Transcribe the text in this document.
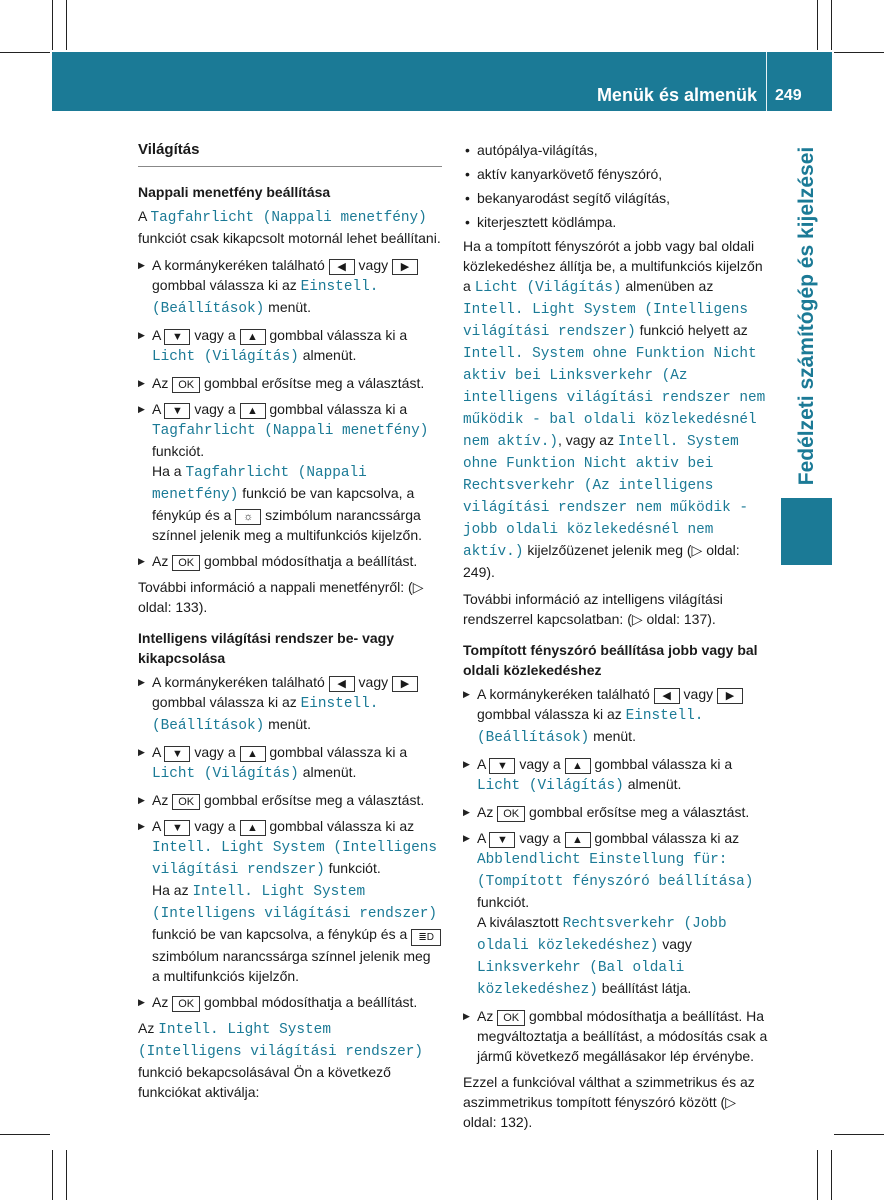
Menük és almenük 249
Fedélzeti számítógép és kijelzései
Világítás
Nappali menetfény beállítása

A Tagfahrlicht (Nappali menetfény) funkciót csak kikapcsolt motornál lehet beállítani.

▶ A kormánykeréken található ◀ vagy ▶ gombbal válassza ki az Einstell. (Beállítások) menüt.
▶ A ▼ vagy a ▲ gombbal válassza ki a Licht (Világítás) almenüt.
▶ Az OK gombbal erősítse meg a választást.
▶ A ▼ vagy a ▲ gombbal válassza ki a Tagfahrlicht (Nappali menetfény) funkciót.
Ha a Tagfahrlicht (Nappali menetfény) funkció be van kapcsolva, a fénykúp és a ☼ szimbólum narancssárga színnel jelenik meg a multifunkciós kijelzőn.
▶ Az OK gombbal módosíthatja a beállítást.

További információ a nappali menetfényről: (▷ oldal: 133).

Intelligens világítási rendszer be- vagy kikapcsolása
▶ A kormánykeréken található ◀ vagy ▶ gombbal válassza ki az Einstell. (Beállítások) menüt.
▶ A ▼ vagy a ▲ gombbal válassza ki a Licht (Világítás) almenüt.
▶ Az OK gombbal erősítse meg a választást.
▶ A ▼ vagy a ▲ gombbal válassza ki az Intell. Light System (Intelligens világítási rendszer) funkciót.
Ha az Intell. Light System (Intelligens világítási rendszer) funkció be van kapcsolva, a fénykúp és a ≣D szimbólum narancssárga színnel jelenik meg a multifunkciós kijelzőn.
▶ Az OK gombbal módosíthatja a beállítást.

Az Intell. Light System (Intelligens világítási rendszer) funkció bekapcsolásával Ön a következő funkciókat aktiválja:

• autópálya-világítás,
• aktív kanyarkövető fényszóró,
• bekanyarodást segítő világítás,
• kiterjesztett ködlámpa.

Ha a tompított fényszórót a jobb vagy bal oldali közlekedéshez állítja be, a multifunkciós kijelzőn a Licht (Világítás) almenüben az Intell. Light System (Intelligens világítási rendszer) funkció helyett az Intell. System ohne Funktion Nicht aktiv bei Linksverkehr (Az intelligens világítási rendszer nem működik - bal oldali közlekedésnél nem aktív.), vagy az Intell. System ohne Funktion Nicht aktiv bei Rechtsverkehr (Az intelligens világítási rendszer nem működik - jobb oldali közlekedésnél nem aktív.) kijelzőüzenet jelenik meg (▷ oldal: 249).

További információ az intelligens világítási rendszerrel kapcsolatban: (▷ oldal: 137).

Tompított fényszóró beállítása jobb vagy bal oldali közlekedéshez
▶ A kormánykeréken található ◀ vagy ▶ gombbal válassza ki az Einstell. (Beállítások) menüt.
▶ A ▼ vagy a ▲ gombbal válassza ki a Licht (Világítás) almenüt.
▶ Az OK gombbal erősítse meg a választást.
▶ A ▼ vagy a ▲ gombbal válassza ki az Abblendlicht Einstellung für: (Tompított fényszóró beállítása) funkciót.
A kiválasztott Rechtsverkehr (Jobb oldali közlekedéshez) vagy Linksverkehr (Bal oldali közlekedéshez) beállítást látja.
▶ Az OK gombbal módosíthatja a beállítást. Ha megváltoztatja a beállítást, a módosítás csak a jármű következő megállásakor lép érvénybe.

Ezzel a funkcióval válthat a szimmetrikus és az aszimmetrikus tompított fényszóró között (▷ oldal: 132).
